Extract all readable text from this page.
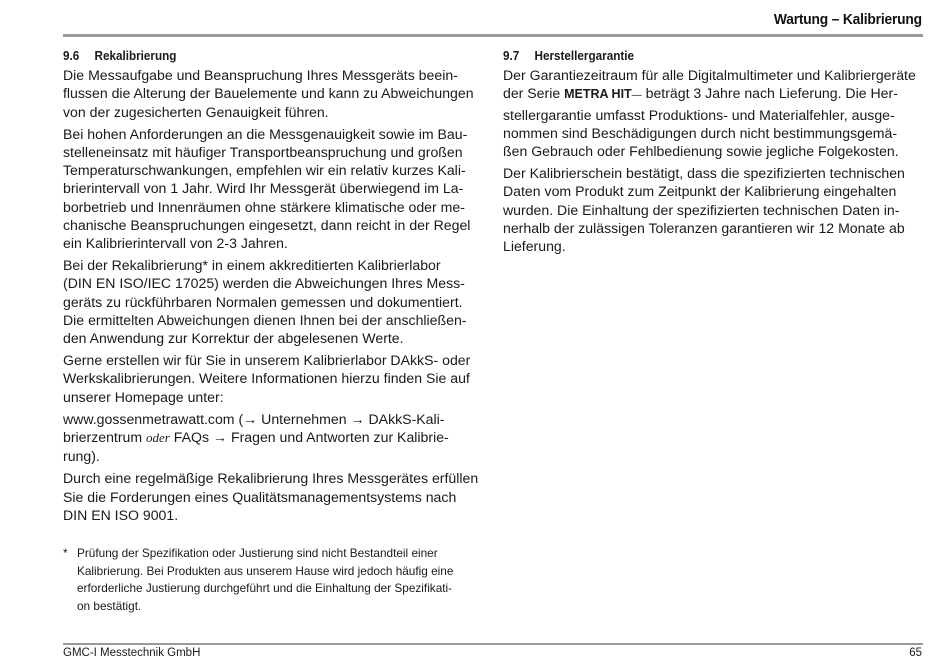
Wartung – Kalibrierung
9.6 Rekalibrierung
Die Messaufgabe und Beanspruchung Ihres Messgeräts beein-
flussen die Alterung der Bauelemente und kann zu Abweichungen
von der zugesicherten Genauigkeit führen.
Bei hohen Anforderungen an die Messgenauigkeit sowie im Bau-
stelleneinsatz mit häufiger Transportbeanspruchung und großen
Temperaturschwankungen, empfehlen wir ein relativ kurzes Kali-
brierintervall von 1 Jahr. Wird Ihr Messgerät überwiegend im La-
borbetrieb und Innenräumen ohne stärkere klimatische oder me-
chanische Beanspruchungen eingesetzt, dann reicht in der Regel
ein Kalibrierintervall von 2-3 Jahren.
Bei der Rekalibrierung* in einem akkreditierten Kalibrierlabor
(DIN EN ISO/IEC 17025) werden die Abweichungen Ihres Mess-
geräts zu rückführbaren Normalen gemessen und dokumentiert.
Die ermittelten Abweichungen dienen Ihnen bei der anschließen-
den Anwendung zur Korrektur der abgelesenen Werte.
Gerne erstellen wir für Sie in unserem Kalibrierlabor DAkkS- oder
Werkskalibrierungen. Weitere Informationen hierzu finden Sie auf
unserer Homepage unter:
www.gossenmetrawatt.com (→ Unternehmen → DAkkS-Kali-
brierzentrum oder FAQs → Fragen und Antworten zur Kalibrie-
rung).
Durch eine regelmäßige Rekalibrierung Ihres Messgerätes erfüllen
Sie die Forderungen eines Qualitätsmanagementsystems nach
DIN EN ISO 9001.
* Prüfung der Spezifikation oder Justierung sind nicht Bestandteil einer
Kalibrierung. Bei Produkten aus unserem Hause wird jedoch häufig eine
erforderliche Justierung durchgeführt und die Einhaltung der Spezifikati-
on bestätigt.
9.7 Herstellergarantie
Der Garantiezeitraum für alle Digitalmultimeter und Kalibriergeräte
der Serie METRA HIT— beträgt 3 Jahre nach Lieferung. Die Her-
stellergarantie umfasst Produktions- und Materialfehler, ausge-
nommen sind Beschädigungen durch nicht bestimmungsgemä-
ßen Gebrauch oder Fehlbedienung sowie jegliche Folgekosten.
Der Kalibrierschein bestätigt, dass die spezifizierten technischen
Daten vom Produkt zum Zeitpunkt der Kalibrierung eingehalten
wurden. Die Einhaltung der spezifizierten technischen Daten in-
nerhalb der zulässigen Toleranzen garantieren wir 12 Monate ab
Lieferung.
GMC-I Messtechnik GmbH	65
